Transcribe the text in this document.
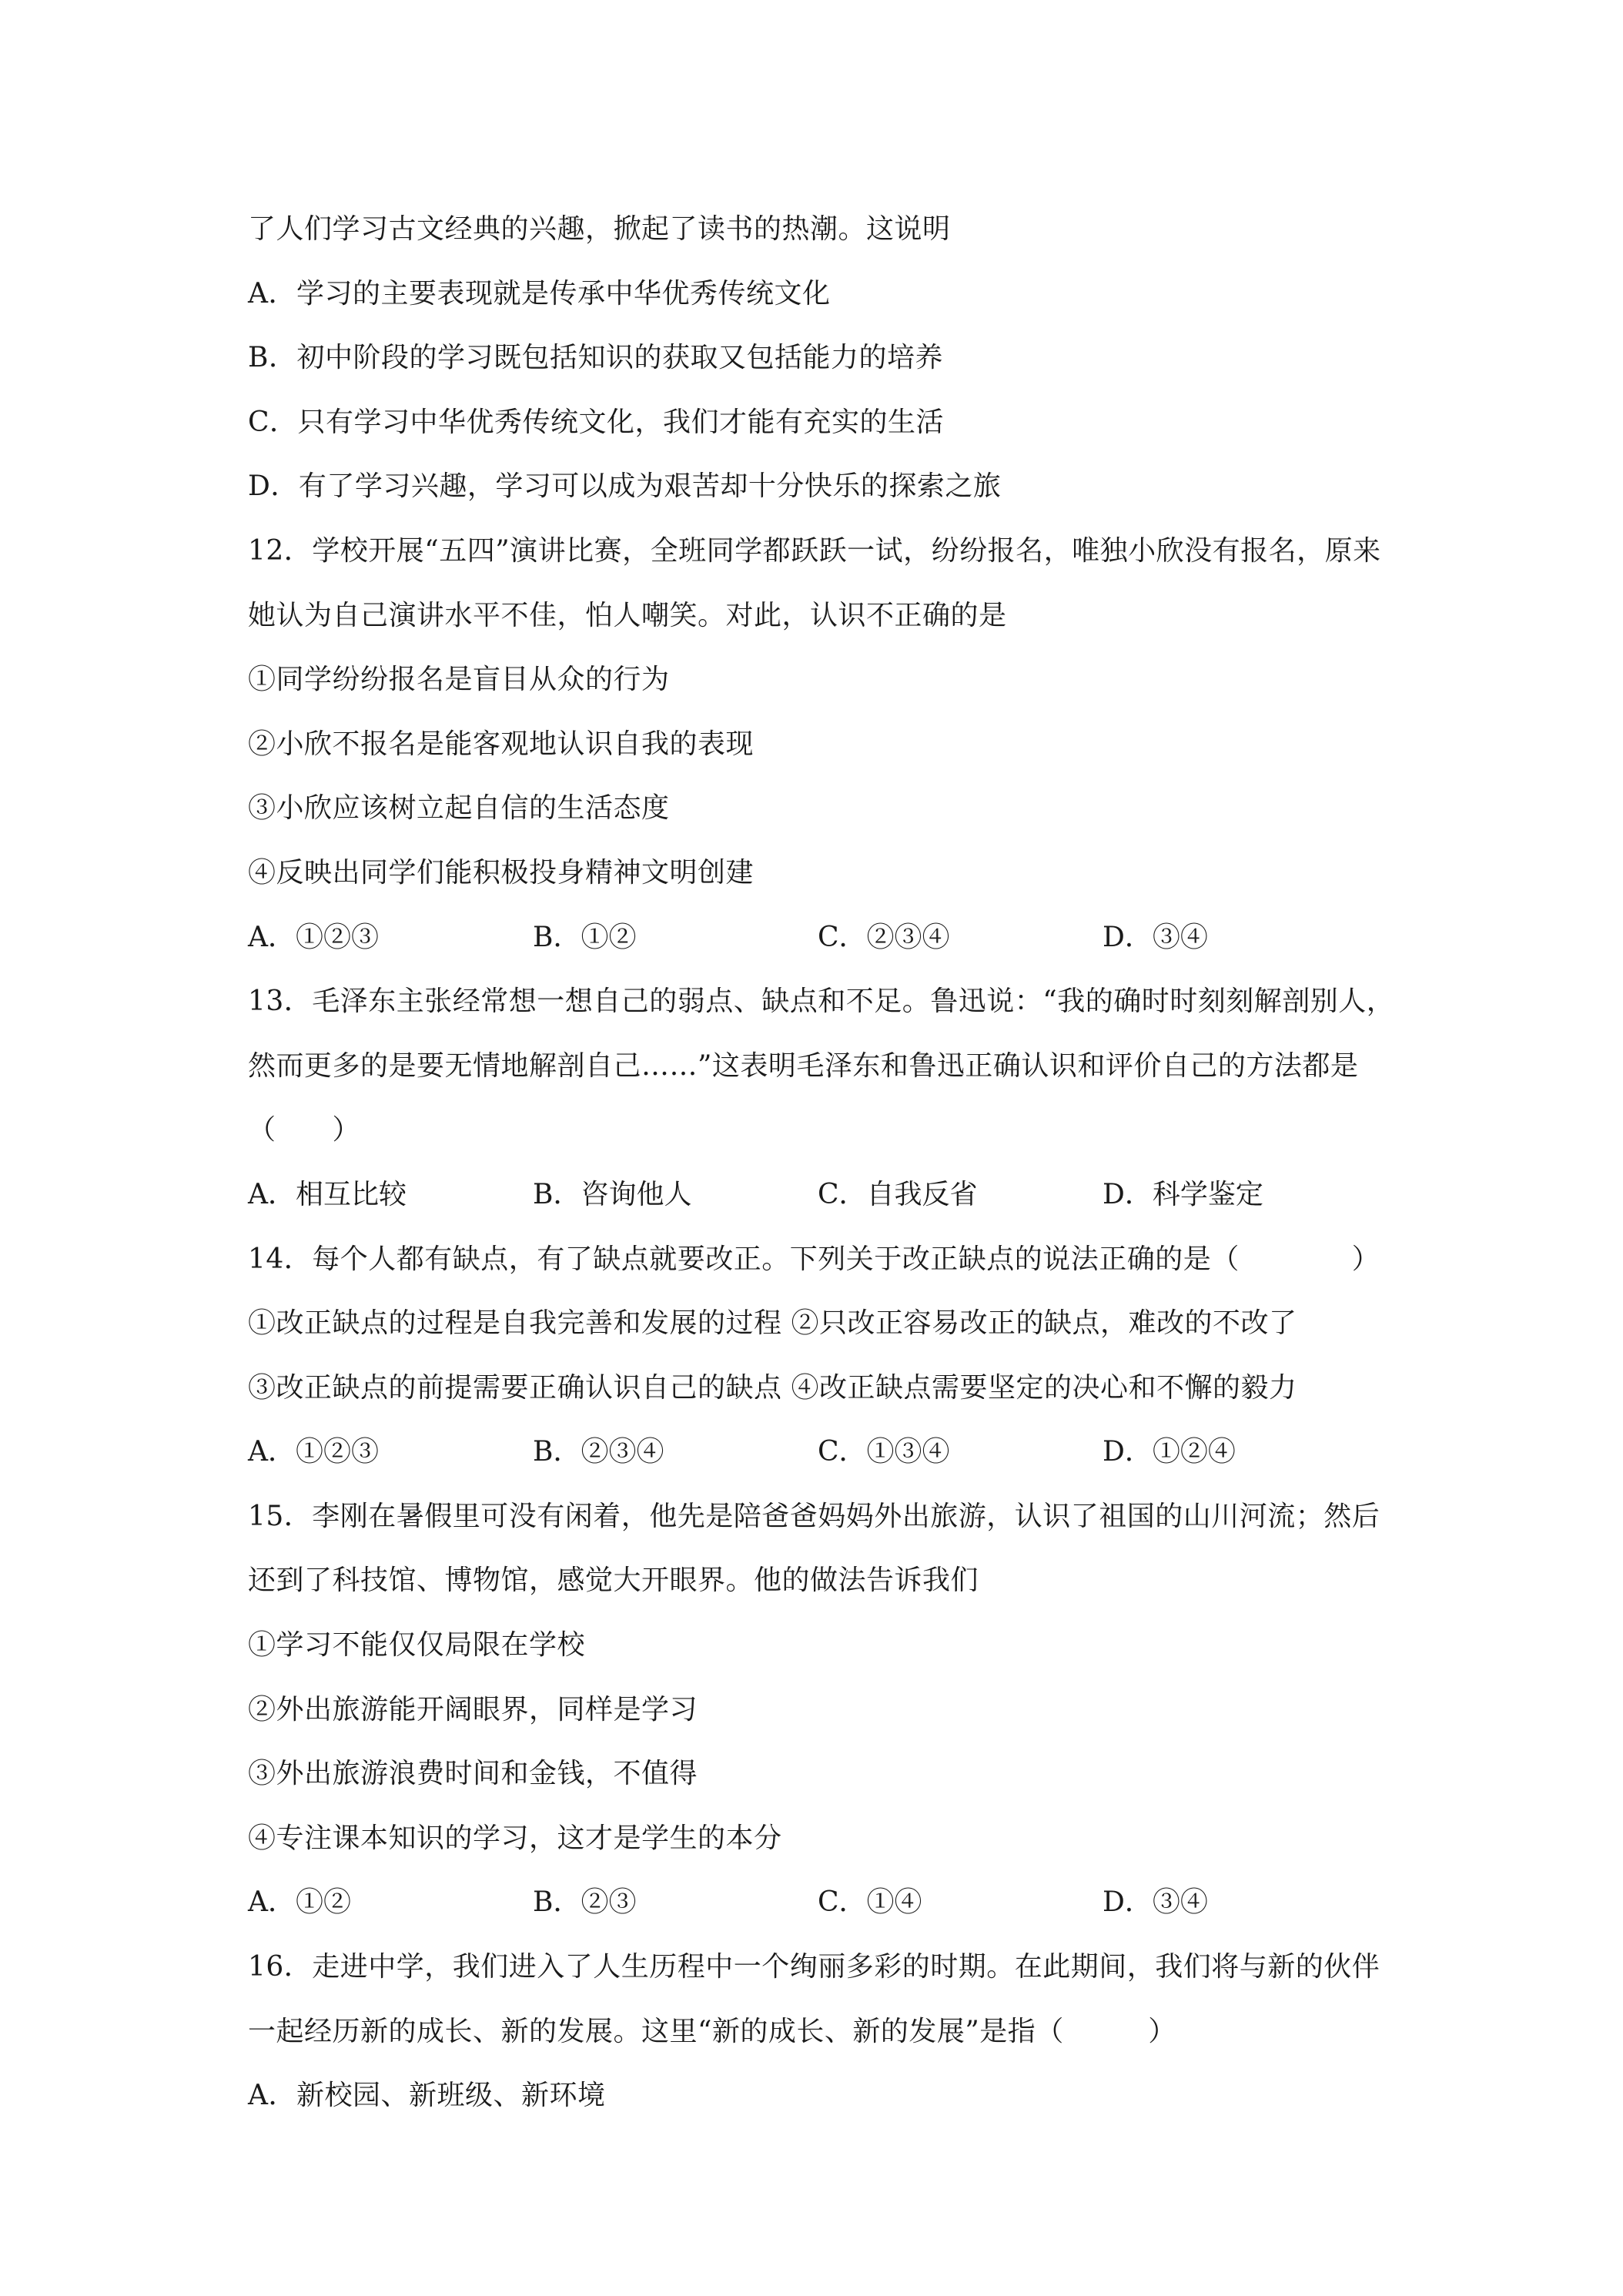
了人们学习古文经典的兴趣，掀起了读书的热潮。这说明
A．学习的主要表现就是传承中华优秀传统文化
B．初中阶段的学习既包括知识的获取又包括能力的培养
C．只有学习中华优秀传统文化，我们才能有充实的生活
D．有了学习兴趣，学习可以成为艰苦却十分快乐的探索之旅
12．学校开展“五四”演讲比赛，全班同学都跃跃一试，纷纷报名，唯独小欣没有报名，原来
她认为自己演讲水平不佳，怕人嘲笑。对此，认识不正确的是
①同学纷纷报名是盲目从众的行为
②小欣不报名是能客观地认识自我的表现
③小欣应该树立起自信的生活态度
④反映出同学们能积极投身精神文明创建
A．①②③	B．①②	C．②③④	D．③④
13．毛泽东主张经常想一想自己的弱点、缺点和不足。鲁迅说：“我的确时时刻刻解剖别人，
然而更多的是要无情地解剖自己……”这表明毛泽东和鲁迅正确认识和评价自己的方法都是
（　　）
A．相互比较	B．咨询他人	C．自我反省	D．科学鉴定
14．每个人都有缺点，有了缺点就要改正。下列关于改正缺点的说法正确的是（　　　　）
①改正缺点的过程是自我完善和发展的过程 ②只改正容易改正的缺点，难改的不改了
③改正缺点的前提需要正确认识自己的缺点 ④改正缺点需要坚定的决心和不懈的毅力
A．①②③	B．②③④	C．①③④	D．①②④
15．李刚在暑假里可没有闲着，他先是陪爸爸妈妈外出旅游，认识了祖国的山川河流；然后
还到了科技馆、博物馆，感觉大开眼界。他的做法告诉我们
①学习不能仅仅局限在学校
②外出旅游能开阔眼界，同样是学习
③外出旅游浪费时间和金钱，不值得
④专注课本知识的学习，这才是学生的本分
A．①②	B．②③	C．①④	D．③④
16．走进中学，我们进入了人生历程中一个绚丽多彩的时期。在此期间，我们将与新的伙伴
一起经历新的成长、新的发展。这里“新的成长、新的发展”是指（　　　）
A．新校园、新班级、新环境
